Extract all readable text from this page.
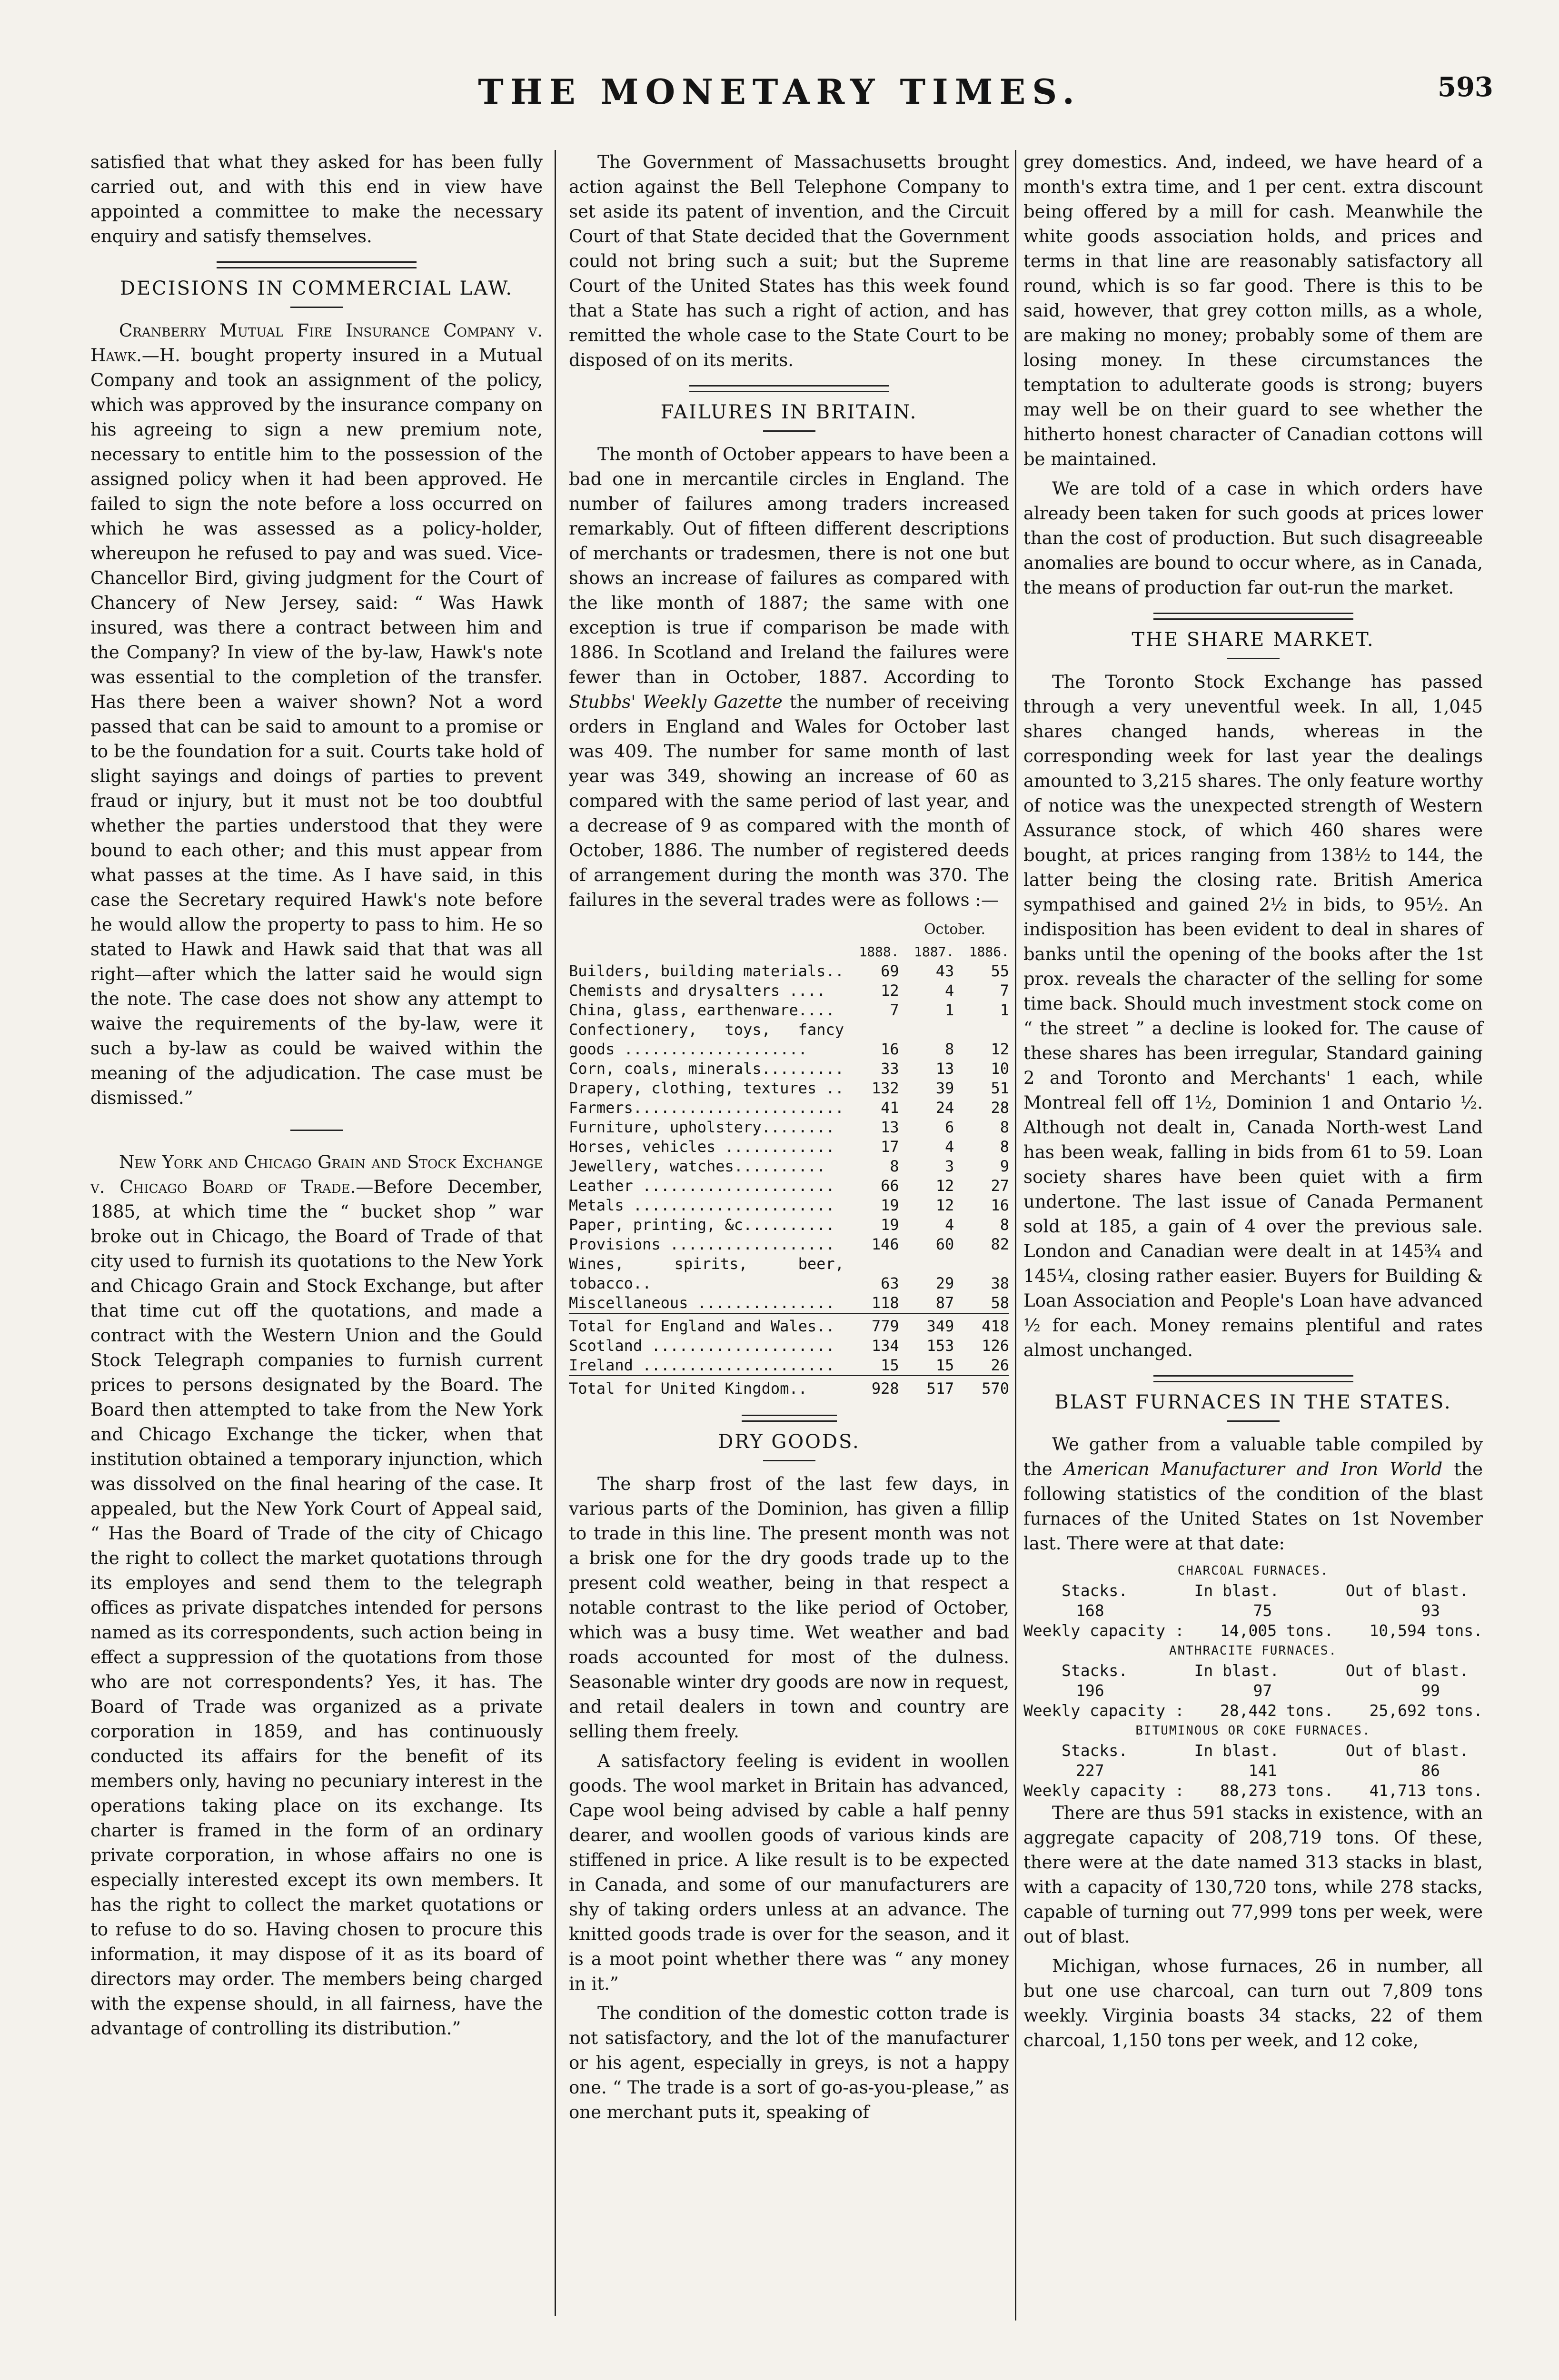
THE MONETARY TIMES.	593

satisfied that what they asked for has been fully carried out, and with this end in view have appointed a committee to make the necessary enquiry and satisfy themselves.

DECISIONS IN COMMERCIAL LAW.

Cranberry Mutual Fire Insurance Company v. Hawk.—H. bought property insured in a Mutual Company and took an assignment of the policy, which was approved by the insurance company on his agreeing to sign a new premium note, necessary to entitle him to the possession of the assigned policy when it had been approved. He failed to sign the note before a loss occurred on which he was assessed as a policy-holder, whereupon he refused to pay and was sued. Vice-Chancellor Bird, giving judgment for the Court of Chancery of New Jersey, said: “ Was Hawk insured, was there a contract between him and the Company? In view of the by-law, Hawk's note was essential to the completion of the transfer. Has there been a waiver shown? Not a word passed that can be said to amount to a promise or to be the foundation for a suit. Courts take hold of slight sayings and doings of parties to prevent fraud or injury, but it must not be too doubtful whether the parties understood that they were bound to each other; and this must appear from what passes at the time. As I have said, in this case the Secretary required Hawk's note before he would allow the property to pass to him. He so stated to Hawk and Hawk said that that was all right—after which the latter said he would sign the note. The case does not show any attempt to waive the requirements of the by-law, were it such a by-law as could be waived within the meaning of the adjudication. The case must be dismissed.”

New York and Chicago Grain and Stock Exchange v. Chicago Board of Trade.—Before December, 1885, at which time the “ bucket shop ” war broke out in Chicago, the Board of Trade of that city used to furnish its quotations to the New York and Chicago Grain and Stock Exchange, but after that time cut off the quotations, and made a contract with the Western Union and the Gould Stock Telegraph companies to furnish current prices to persons designated by the Board. The Board then attempted to take from the New York and Chicago Exchange the ticker, when that institution obtained a temporary injunction, which was dissolved on the final hearing of the case. It appealed, but the New York Court of Appeal said, “ Has the Board of Trade of the city of Chicago the right to collect the market quotations through its employes and send them to the telegraph offices as private dispatches intended for persons named as its correspondents, such action being in effect a suppression of the quotations from those who are not correspondents? Yes, it has. The Board of Trade was organized as a private corporation in 1859, and has continuously conducted its affairs for the benefit of its members only, having no pecuniary interest in the operations taking place on its exchange. Its charter is framed in the form of an ordinary private corporation, in whose affairs no one is especially interested except its own members. It has the right to collect the market quotations or to refuse to do so. Having chosen to procure this information, it may dispose of it as its board of directors may order. The members being charged with the expense should, in all fairness, have the advantage of controlling its distribution.”

The Government of Massachusetts brought action against the Bell Telephone Company to set aside its patent of invention, and the Circuit Court of that State decided that the Government could not bring such a suit; but the Supreme Court of the United States has this week found that a State has such a right of action, and has remitted the whole case to the State Court to be disposed of on its merits.

FAILURES IN BRITAIN.

The month of October appears to have been a bad one in mercantile circles in England. The number of failures among traders increased remarkably. Out of fifteen different descriptions of merchants or tradesmen, there is not one but shows an increase of failures as compared with the like month of 1887; the same with one exception is true if comparison be made with 1886. In Scotland and Ireland the failures were fewer than in October, 1887. According to Stubbs' Weekly Gazette the number of receiving orders in England and Wales for October last was 409. The number for same month of last year was 349, showing an increase of 60 as compared with the same period of last year, and a decrease of 9 as compared with the month of October, 1886. The number of registered deeds of arrangement during the month was 370. The failures in the several trades were as follows :—

October.
	1888.	1887.	1886.
Builders, building materials..	69	43	55
Chemists and drysalters ....	12	4	7
China, glass, earthenware....	7	1	1
Confectionery, toys, fancy goods ....................	16	8	12
Corn, coals, minerals.........	33	13	10
Drapery, clothing, textures ..	132	39	51
Farmers.......................	41	24	28
Furniture, upholstery........	13	6	8
Horses, vehicles ............	17	4	8
Jewellery, watches..........	8	3	9
Leather .....................	66	12	27
Metals ......................	19	12	16
Paper, printing, &c..........	19	4	8
Provisions ..................	146	60	82
Wines, spirits, beer, tobacco..	63	29	38
Miscellaneous ...............	118	87	58

Total for England and Wales..	779	349	418
Scotland ....................	134	153	126
Ireland .....................	15	15	26

Total for United Kingdom..	928	517	570
DRY GOODS.

The sharp frost of the last few days, in various parts of the Dominion, has given a fillip to trade in this line. The present month was not a brisk one for the dry goods trade up to the present cold weather, being in that respect a notable contrast to the like period of October, which was a busy time. Wet weather and bad roads accounted for most of the dulness. Seasonable winter dry goods are now in request, and retail dealers in town and country are selling them freely.

A satisfactory feeling is evident in woollen goods. The wool market in Britain has advanced, Cape wool being advised by cable a half penny dearer, and woollen goods of various kinds are stiffened in price. A like result is to be expected in Canada, and some of our manufacturers are shy of taking orders unless at an advance. The knitted goods trade is over for the season, and it is a moot point whether there was “ any money in it.”

The condition of the domestic cotton trade is not satisfactory, and the lot of the manufacturer or his agent, especially in greys, is not a happy one. “ The trade is a sort of go-as-you-please,” as one merchant puts it, speaking of

grey domestics. And, indeed, we have heard of a month's extra time, and 1 per cent. extra discount being offered by a mill for cash. Meanwhile the white goods association holds, and prices and terms in that line are reasonably satisfactory all round, which is so far good. There is this to be said, however, that grey cotton mills, as a whole, are making no money; probably some of them are losing money. In these circumstances the temptation to adulterate goods is strong; buyers may well be on their guard to see whether the hitherto honest character of Canadian cottons will be maintained.

We are told of a case in which orders have already been taken for such goods at prices lower than the cost of production. But such disagreeable anomalies are bound to occur where, as in Canada, the means of production far out-run the market.

THE SHARE MARKET.

The Toronto Stock Exchange has passed through a very uneventful week. In all, 1,045 shares changed hands, whereas in the corresponding week for last year the dealings amounted to 3,215 shares. The only feature worthy of notice was the unexpected strength of Western Assurance stock, of which 460 shares were bought, at prices ranging from 138½ to 144, the latter being the closing rate. British America sympathised and gained 2½ in bids, to 95½. An indisposition has been evident to deal in shares of banks until the opening of the books after the 1st prox. reveals the character of the selling for some time back. Should much investment stock come on “ the street ” a decline is looked for. The cause of these shares has been irregular, Standard gaining 2 and Toronto and Merchants' 1 each, while Montreal fell off 1½, Dominion 1 and Ontario ½. Although not dealt in, Canada North-west Land has been weak, falling in bids from 61 to 59. Loan society shares have been quiet with a firm undertone. The last issue of Canada Permanent sold at 185, a gain of 4 over the previous sale. London and Canadian were dealt in at 145¾ and 145¼, closing rather easier. Buyers for Building & Loan Association and People's Loan have advanced ½ for each. Money remains plentiful and rates almost unchanged.

BLAST FURNACES IN THE STATES.

We gather from a valuable table compiled by the American Manufacturer and Iron World the following statistics of the condition of the blast furnaces of the United States on 1st November last. There were at that date:

CHARCOAL FURNACES.
Stacks.	In blast.	Out of blast.
168	75	93
Weekly capacity : 14,005 tons. 10,594 tons.
ANTHRACITE FURNACES.
Stacks.	In blast.	Out of blast.
196	97	99
Weekly capacity : 28,442 tons. 25,692 tons.
BITUMINOUS OR COKE FURNACES.
Stacks.	In blast.	Out of blast.
227	141	86
Weekly capacity : 88,273 tons. 41,713 tons.

There are thus 591 stacks in existence, with an aggregate capacity of 208,719 tons. Of these, there were at the date named 313 stacks in blast, with a capacity of 130,720 tons, while 278 stacks, capable of turning out 77,999 tons per week, were out of blast.

Michigan, whose furnaces, 26 in number, all but one use charcoal, can turn out 7,809 tons weekly. Virginia boasts 34 stacks, 22 of them charcoal, 1,150 tons per week, and 12 coke,
